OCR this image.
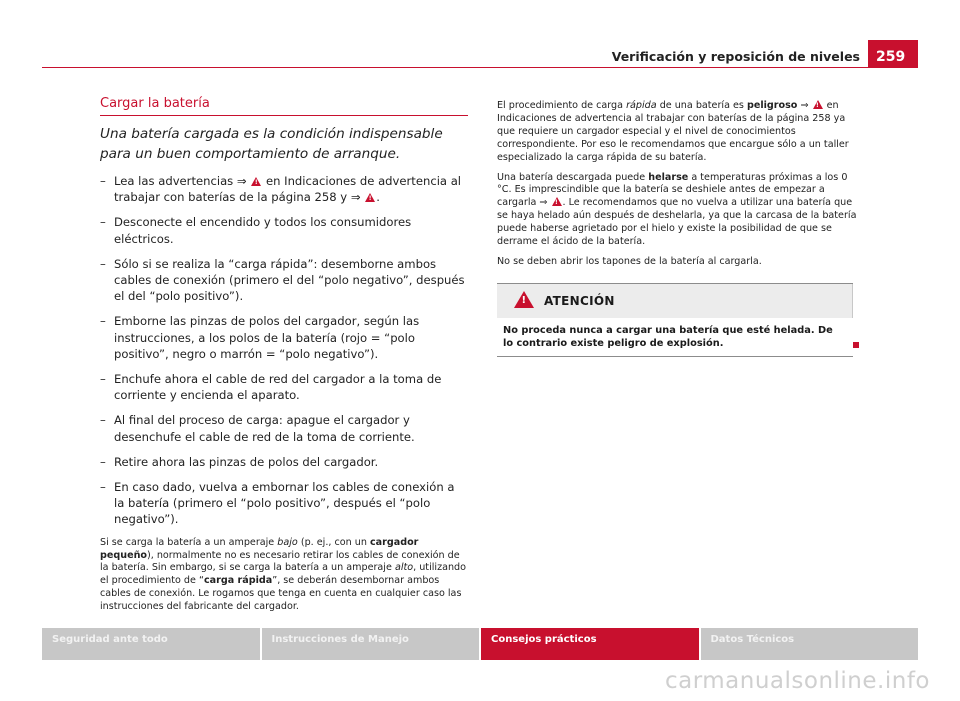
Verificación y reposición de niveles	259
Cargar la batería

Una batería cargada es la condición indispensable para un buen comportamiento de arranque.

– Lea las advertencias ⇒ ! en Indicaciones de advertencia al trabajar con baterías de la página 258 y ⇒ !.
– Desconecte el encendido y todos los consumidores eléctricos.
– Sólo si se realiza la “carga rápida”: desemborne ambos cables de conexión (primero el del “polo negativo”, después el del “polo positivo”).
– Emborne las pinzas de polos del cargador, según las instrucciones, a los polos de la batería (rojo = “polo positivo”, negro o marrón = “polo negativo”).
– Enchufe ahora el cable de red del cargador a la toma de corriente y encienda el aparato.
– Al final del proceso de carga: apague el cargador y desenchufe el cable de red de la toma de corriente.
– Retire ahora las pinzas de polos del cargador.
– En caso dado, vuelva a embornar los cables de conexión a la batería (primero el “polo positivo”, después el “polo negativo”).

Si se carga la batería a un amperaje bajo (p. ej., con un cargador pequeño), normalmente no es necesario retirar los cables de conexión de la batería. Sin embargo, si se carga la batería a un amperaje alto, utilizando el procedimiento de “carga rápida”, se deberán desembornar ambos cables de conexión. Le rogamos que tenga en cuenta en cualquier caso las instrucciones del fabricante del cargador.

El procedimiento de carga rápida de una batería es peligroso ⇒ ! en Indicaciones de advertencia al trabajar con baterías de la página 258 ya que requiere un cargador especial y el nivel de conocimientos correspondiente. Por eso le recomendamos que encargue sólo a un taller especializado la carga rápida de su batería.

Una batería descargada puede helarse a temperaturas próximas a los 0 °C. Es imprescindible que la batería se deshiele antes de empezar a cargarla ⇒ !. Le recomendamos que no vuelva a utilizar una batería que se haya helado aún después de deshelarla, ya que la carcasa de la batería puede haberse agrietado por el hielo y existe la posibilidad de que se derrame el ácido de la batería.

No se deben abrir los tapones de la batería al cargarla.

!
ATENCIÓN
No proceda nunca a cargar una batería que esté helada. De lo contrario existe peligro de explosión.
Seguridad ante todo	Instrucciones de Manejo	Consejos prácticos	Datos Técnicos
carmanualsonline.info
